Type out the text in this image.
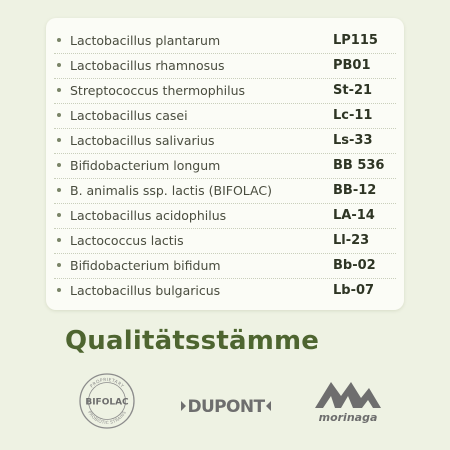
Lactobacillus plantarum	LP115
Lactobacillus rhamnosus	PB01
Streptococcus thermophilus	St-21
Lactobacillus casei	Lc-11
Lactobacillus salivarius	Ls-33
Bifidobacterium longum	BB 536
B. animalis ssp. lactis (BIFOLAC)	BB-12
Lactobacillus acidophilus	LA-14
Lactococcus lactis	Ll-23
Bifidobacterium bifidum	Bb-02
Lactobacillus bulgaricus	Lb-07
Qualitätsstämme
PROPRIETARY
PROBIOTIC STRAINS
BIFOLAC	DUPONT
morinaga
